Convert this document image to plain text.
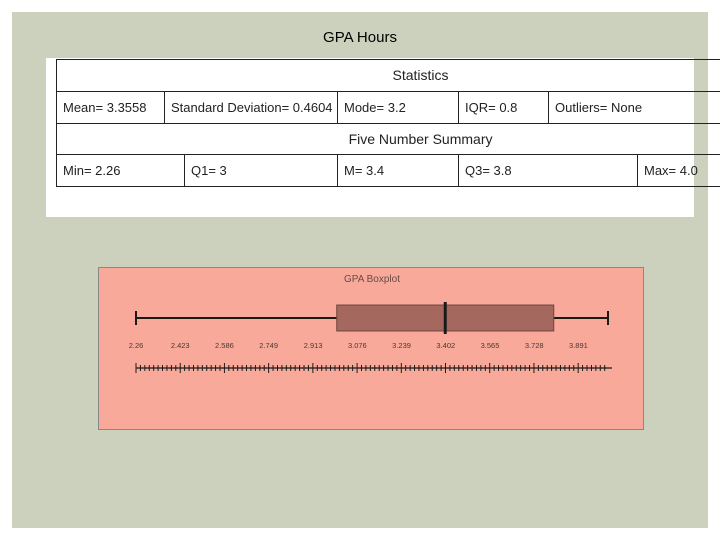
GPA Hours
Statistics						
Mean= 3.3558	Standard Deviation= 0.4604		Mode= 3.2	IQR= 0.8	Outliers= None	
Five Number Summary						
Min= 2.26		Q1= 3	M= 3.4	Q3= 3.8		Max= 4.0
GPA Boxplot
2.26	2.423	2.586	2.749	2.913	3.076	3.239	3.402	3.565	3.728	3.891
